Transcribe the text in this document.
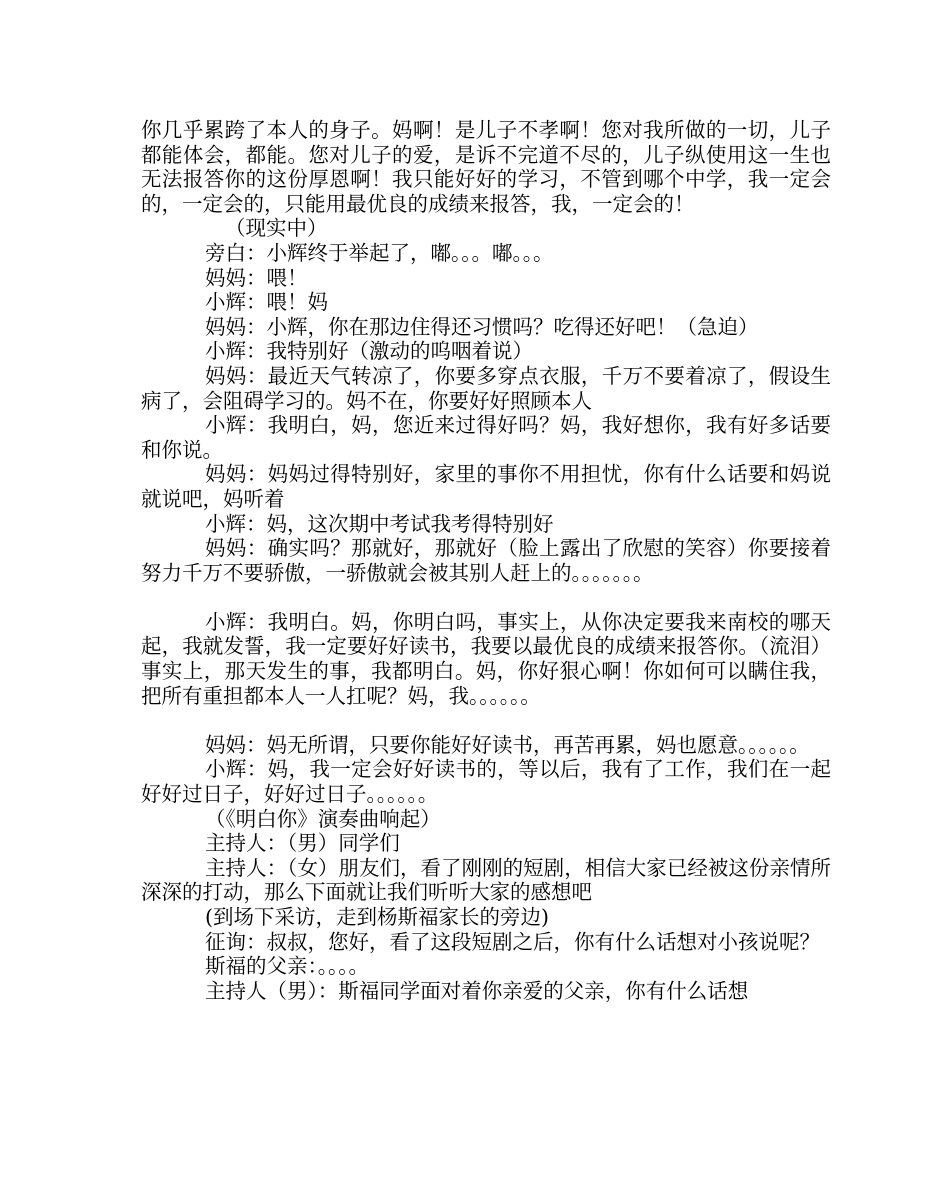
你几乎累跨了本人的身子。妈啊！是儿子不孝啊！您对我所做的一切，儿子都能体会，都能。您对儿子的爱，是诉不完道不尽的，儿子纵使用这一生也无法报答你的这份厚恩啊！我只能好好的学习，不管到哪个中学，我一定会的，一定会的，只能用最优良的成绩来报答，我，一定会的！

（现实中）

旁白：小辉终于举起了，嘟。。。嘟。。。

妈妈：喂！

小辉：喂！妈

妈妈：小辉，你在那边住得还习惯吗？吃得还好吧！（急迫）

小辉：我特别好（激动的呜咽着说）

妈妈：最近天气转凉了，你要多穿点衣服，千万不要着凉了，假设生病了，会阻碍学习的。妈不在，你要好好照顾本人

小辉：我明白，妈，您近来过得好吗？妈，我好想你，我有好多话要和你说。

妈妈：妈妈过得特别好，家里的事你不用担忧，你有什么话要和妈说就说吧，妈听着

小辉：妈，这次期中考试我考得特别好

妈妈：确实吗？那就好，那就好（脸上露出了欣慰的笑容）你要接着努力千万不要骄傲，一骄傲就会被其别人赶上的。。。。。。。

小辉：我明白。妈，你明白吗，事实上，从你决定要我来南校的哪天起，我就发誓，我一定要好好读书，我要以最优良的成绩来报答你。（流泪）事实上，那天发生的事，我都明白。妈，你好狠心啊！你如何可以瞒住我，把所有重担都本人一人扛呢？妈，我。。。。。。

妈妈：妈无所谓，只要你能好好读书，再苦再累，妈也愿意。。。。。。

小辉：妈，我一定会好好读书的，等以后，我有了工作，我们在一起好好过日子，好好过日子。。。。。。

（《明白你》演奏曲响起）

主持人：（男）同学们

主持人：（女）朋友们，看了刚刚的短剧，相信大家已经被这份亲情所深深的打动，那么下面就让我们听听大家的感想吧

(到场下采访，走到杨斯福家长的旁边)

征询：叔叔，您好，看了这段短剧之后，你有什么话想对小孩说呢？

斯福的父亲：。。。。

主持人（男）：斯福同学面对着你亲爱的父亲，你有什么话想
